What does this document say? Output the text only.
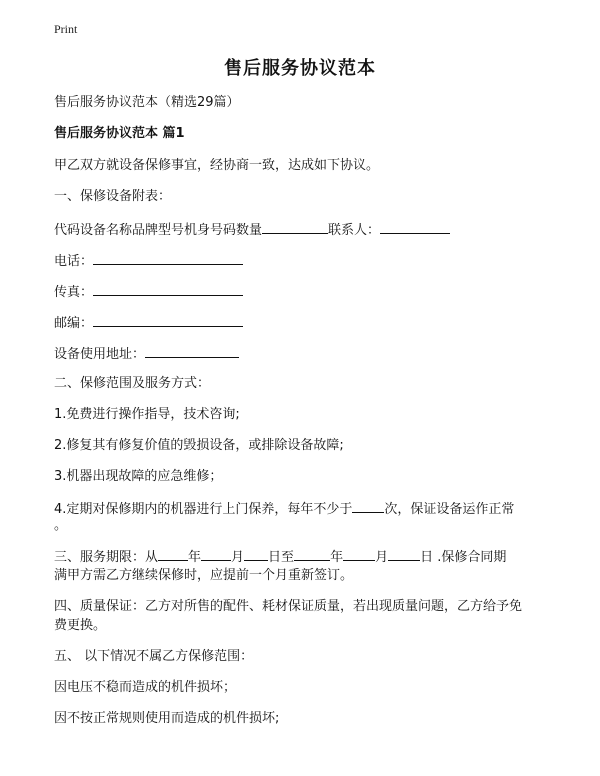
Print
售后服务协议范本
售后服务协议范本（精选29篇）
售后服务协议范本 篇1
甲乙双方就设备保修事宜，经协商一致，达成如下协议。
一、保修设备附表：
代码设备名称品牌型号机身号码数量	联系人：
电话：
传真：
邮编：
设备使用地址：
二、保修范围及服务方式：
1.免费进行操作指导，技术咨询;
2.修复其有修复价值的毁损设备，或排除设备故障;
3.机器出现故障的应急维修；
4.定期对保修期内的机器进行上门保养，每年不少于 次，保证设备运作正常
。
三、服务期限：从 年 月 日至	年 月 日 .保修合同期
满甲方需乙方继续保修时，应提前一个月重新签订。
四、质量保证：乙方对所售的配件、耗材保证质量，若出现质量问题，乙方给予免
费更换。
五、 以下情况不属乙方保修范围：
因电压不稳而造成的机件损坏；
因不按正常规则使用而造成的机件损坏;
